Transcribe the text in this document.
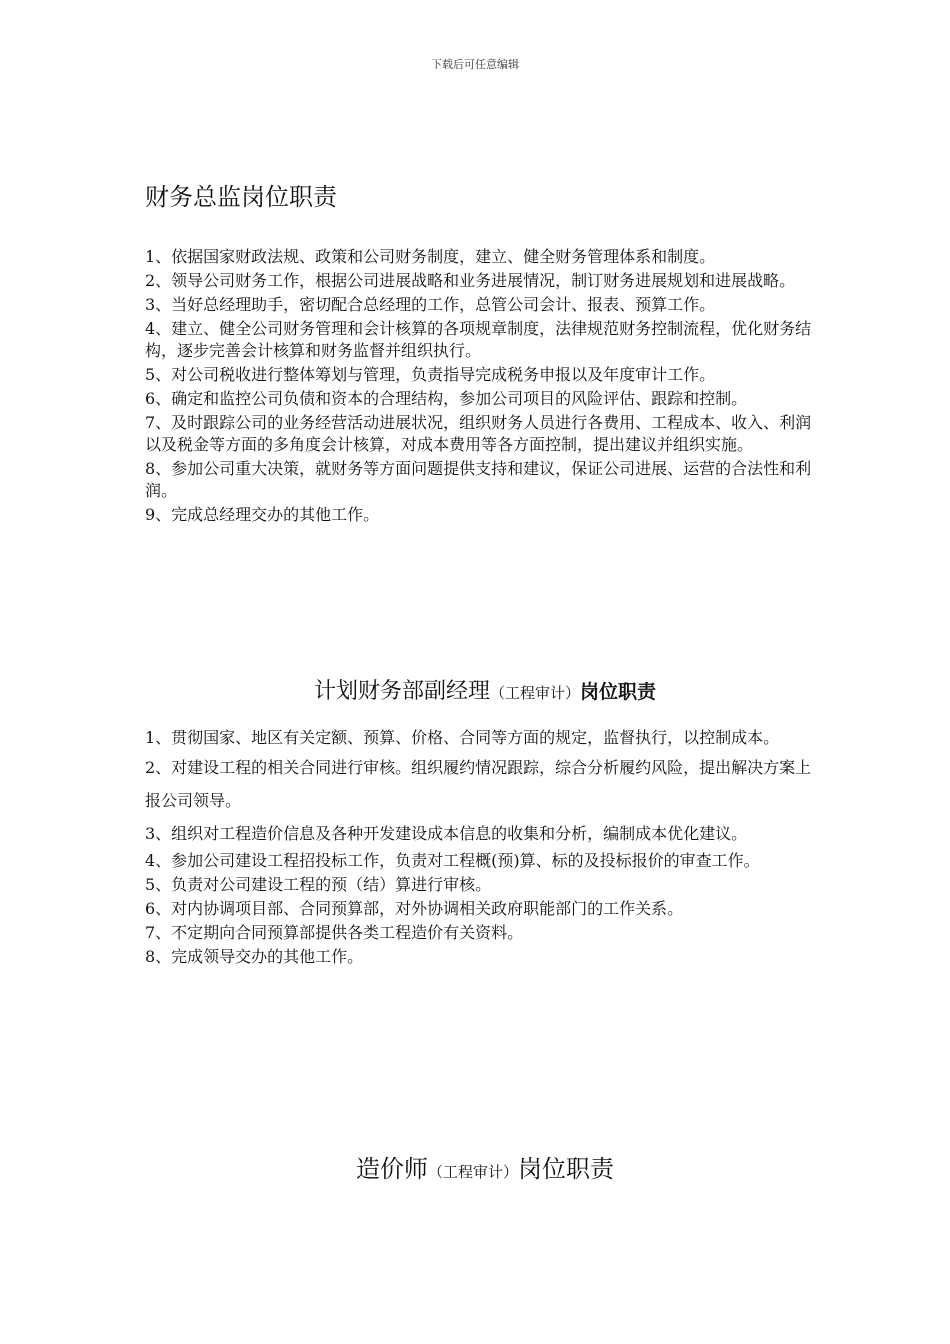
下载后可任意编辑
财务总监岗位职责
1、依据国家财政法规、政策和公司财务制度，建立、健全财务管理体系和制度。
2、领导公司财务工作，根据公司进展战略和业务进展情况，制订财务进展规划和进展战略。
3、当好总经理助手，密切配合总经理的工作，总管公司会计、报表、预算工作。
4、建立、健全公司财务管理和会计核算的各项规章制度，法律规范财务控制流程，优化财务结构，逐步完善会计核算和财务监督并组织执行。
5、对公司税收进行整体筹划与管理，负责指导完成税务申报以及年度审计工作。
6、确定和监控公司负债和资本的合理结构，参加公司项目的风险评估、跟踪和控制。
7、及时跟踪公司的业务经营活动进展状况，组织财务人员进行各费用、工程成本、收入、利润以及税金等方面的多角度会计核算，对成本费用等各方面控制，提出建议并组织实施。
8、参加公司重大决策，就财务等方面问题提供支持和建议，保证公司进展、运营的合法性和利润。
9、完成总经理交办的其他工作。
计划财务部副经理（工程审计）岗位职责
1、贯彻国家、地区有关定额、预算、价格、合同等方面的规定，监督执行，以控制成本。
2、对建设工程的相关合同进行审核。组织履约情况跟踪，综合分析履约风险，提出解决方案上报公司领导。
3、组织对工程造价信息及各种开发建设成本信息的收集和分析，编制成本优化建议。
4、参加公司建设工程招投标工作，负责对工程概(预)算、标的及投标报价的审查工作。
5、负责对公司建设工程的预（结）算进行审核。
6、对内协调项目部、合同预算部，对外协调相关政府职能部门的工作关系。
7、不定期向合同预算部提供各类工程造价有关资料。
8、完成领导交办的其他工作。
造价师（工程审计）岗位职责
